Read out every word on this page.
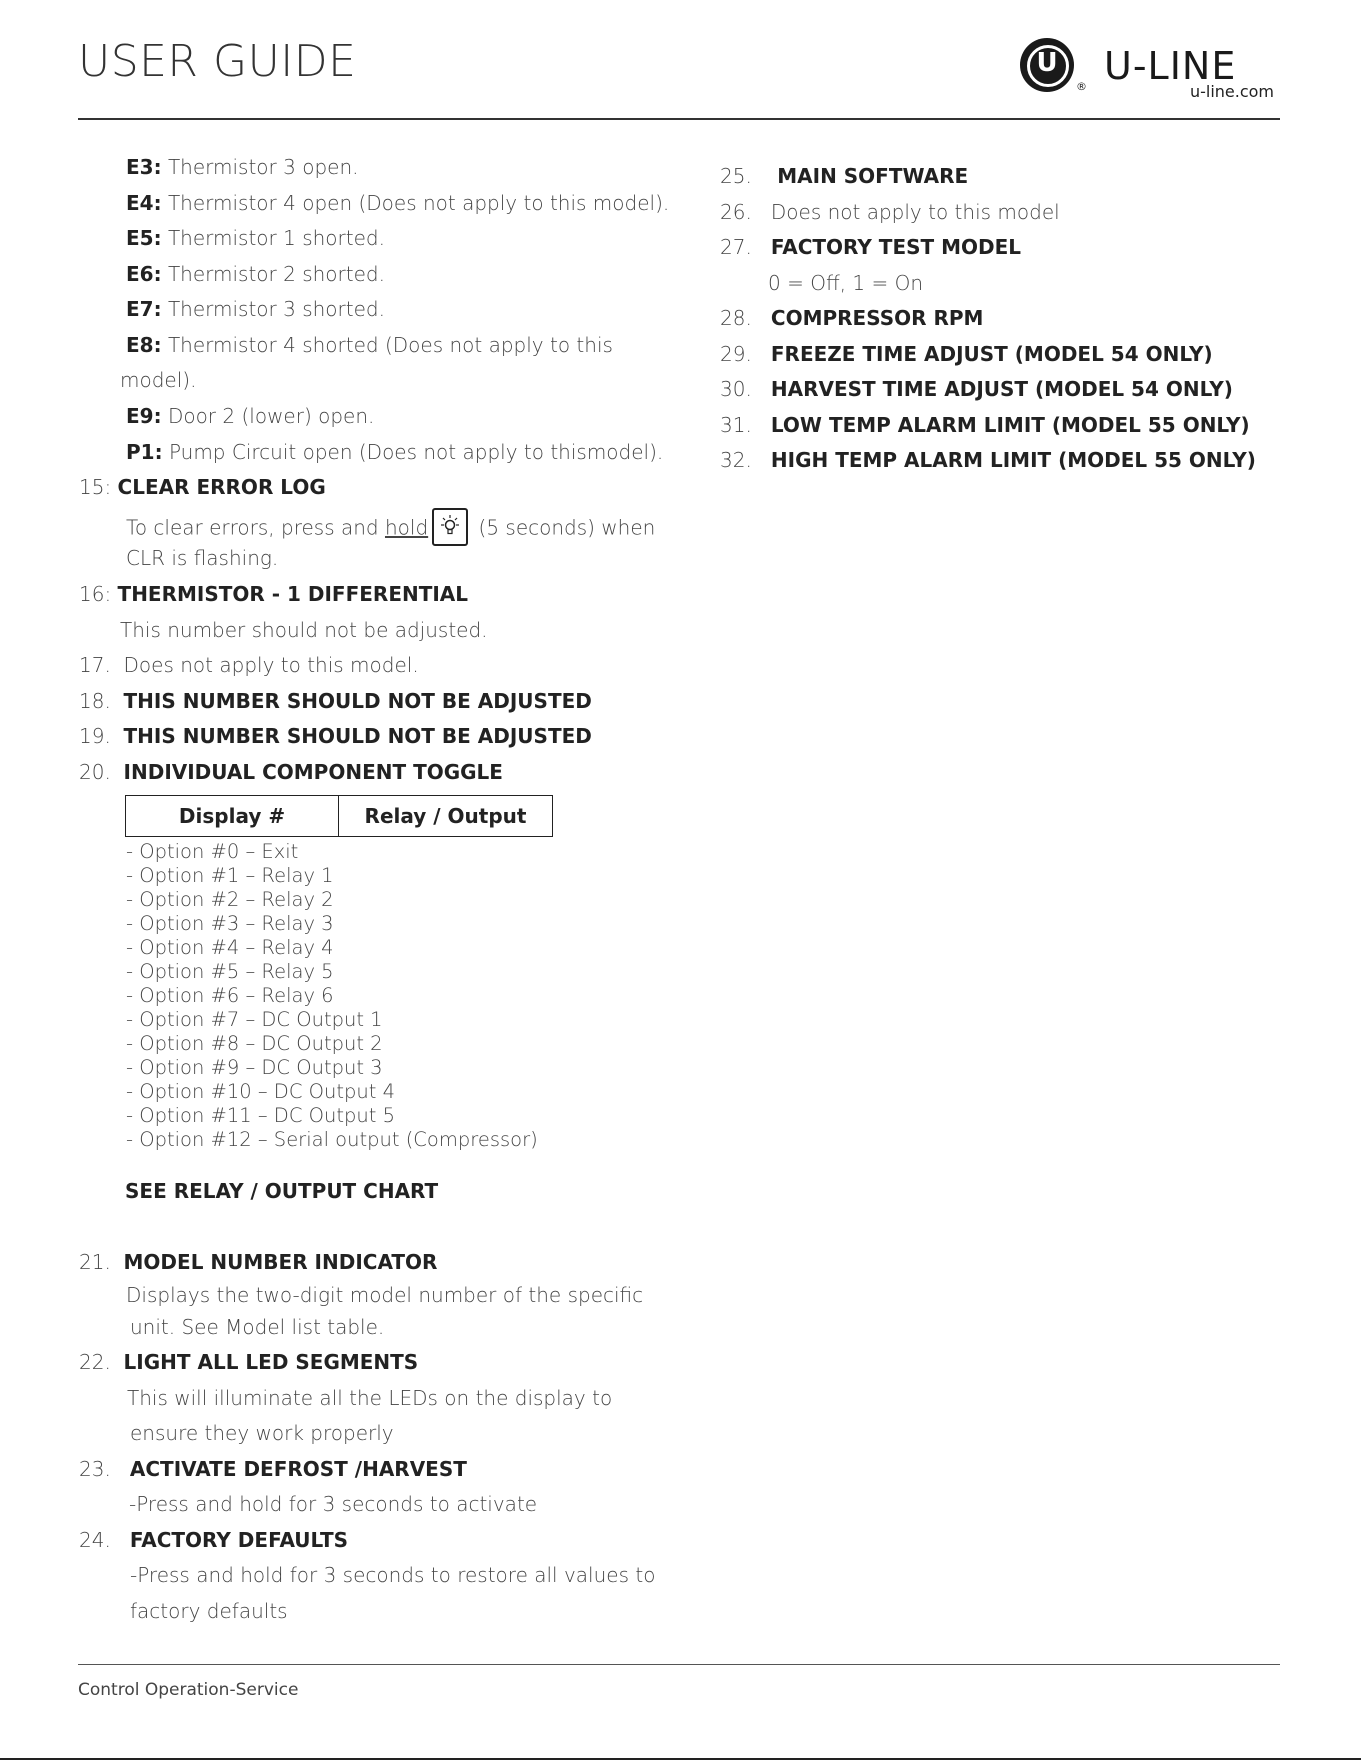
USER GUIDE	U
® U-LINE
u-line.com
E3: Thermistor 3 open.
E4: Thermistor 4 open (Does not apply to this model).
E5: Thermistor 1 shorted.
E6: Thermistor 2 shorted.
E7: Thermistor 3 shorted.
E8: Thermistor 4 shorted (Does not apply to this
model).
E9: Door 2 (lower) open.
P1: Pump Circuit open (Does not apply to thismodel).
15: CLEAR ERROR LOG
To clear errors, press and hold	(5 seconds) when
CLR is flashing.
16: THERMISTOR - 1 DIFFERENTIAL
This number should not be adjusted.
17. Does not apply to this model.
18. THIS NUMBER SHOULD NOT BE ADJUSTED
19. THIS NUMBER SHOULD NOT BE ADJUSTED
20. INDIVIDUAL COMPONENT TOGGLE
Display #	Relay / Output
- Option #0 – Exit
- Option #1 – Relay 1
- Option #2 – Relay 2
- Option #3 – Relay 3
- Option #4 – Relay 4
- Option #5 – Relay 5
- Option #6 – Relay 6
- Option #7 – DC Output 1
- Option #8 – DC Output 2
- Option #9 – DC Output 3
- Option #10 – DC Output 4
- Option #11 – DC Output 5
- Option #12 – Serial output (Compressor)
SEE RELAY / OUTPUT CHART
21. MODEL NUMBER INDICATOR
Displays the two-digit model number of the specific
unit. See Model list table.
22. LIGHT ALL LED SEGMENTS
This will illuminate all the LEDs on the display to
ensure they work properly
23. ACTIVATE DEFROST /HARVEST
-Press and hold for 3 seconds to activate
24. FACTORY DEFAULTS
-Press and hold for 3 seconds to restore all values to
factory defaults
25. MAIN SOFTWARE
26. Does not apply to this model
27. FACTORY TEST MODEL
0 = Off, 1 = On
28. COMPRESSOR RPM
29. FREEZE TIME ADJUST (MODEL 54 ONLY)
30. HARVEST TIME ADJUST (MODEL 54 ONLY)
31. LOW TEMP ALARM LIMIT (MODEL 55 ONLY)
32. HIGH TEMP ALARM LIMIT (MODEL 55 ONLY)
Control Operation-Service
